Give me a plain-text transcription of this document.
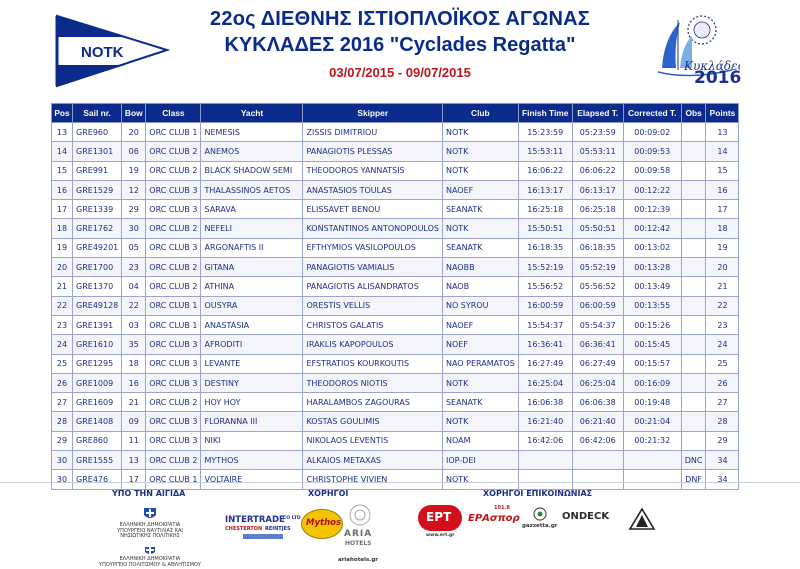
NOTK
22ος ΔΙΕΘΝΗΣ ΙΣΤΙΟΠΛΟΪΚΟΣ ΑΓΩΝΑΣ
ΚΥΚΛΑΔΕΣ 2016 "Cyclades Regatta"
03/07/2015 - 09/07/2015	Κυκλάδες
2016
Pos	Sail nr.	Bow	Class	Yacht	Skipper	Club	Finish Time	Elapsed T.	Corrected T.	Obs	Points
13	GRE960	20	ORC CLUB 1	NEMESIS	ZISSIS DIMITRIOU	NOTK	15:23:59	05:23:59	00:09:02		13
14	GRE1301	06	ORC CLUB 2	ANEMOS	PANAGIOTIS PLESSAS	NOTK	15:53:11	05:53:11	00:09:53		14
15	GRE991	19	ORC CLUB 2	BLACK SHADOW SEMI	THEODOROS YANNATSIS	NOTK	16:06:22	06:06:22	00:09:58		15
16	GRE1529	12	ORC CLUB 3	THALASSINOS AETOS	ANASTASIOS TOULAS	NAOEF	16:13:17	06:13:17	00:12:22		16
17	GRE1339	29	ORC CLUB 3	SARAVA	ELISSAVET BENOU	SEANATK	16:25:18	06:25:18	00:12:39		17
18	GRE1762	30	ORC CLUB 2	NEFELI	KONSTANTINOS ANTONOPOULOS	NOTK	15:50:51	05:50:51	00:12:42		18
19	GRE49201	05	ORC CLUB 3	ARGONAFTIS II	EFTHYMIOS VASILOPOULOS	SEANATK	16:18:35	06:18:35	00:13:02		19
20	GRE1700	23	ORC CLUB 2	GITANA	PANAGIOTIS VAMIALIS	NAOBB	15:52:19	05:52:19	00:13:28		20
21	GRE1370	04	ORC CLUB 2	ATHINA	PANAGIOTIS ALISANDRATOS	NAOB	15:56:52	05:56:52	00:13:49		21
22	GRE49128	22	ORC CLUB 1	OUSYRA	ORESTIS VELLIS	NO SYROU	16:00:59	06:00:59	00:13:55		22
23	GRE1391	03	ORC CLUB 1	ANASTASIA	CHRISTOS GALATIS	NAOEF	15:54:37	05:54:37	00:15:26		23
24	GRE1610	35	ORC CLUB 3	AFRODITI	IRAKLIS KAPOPOULOS	NOEF	16:36:41	06:36:41	00:15:45		24
25	GRE1295	18	ORC CLUB 3	LEVANTE	EFSTRATIOS KOURKOUTIS	NAO PERAMATOS	16:27:49	06:27:49	00:15:57		25
26	GRE1009	16	ORC CLUB 3	DESTINY	THEODOROS NIOTIS	NOTK	16:25:04	06:25:04	00:16:09		26
27	GRE1609	21	ORC CLUB 2	HOY HOY	HARALAMBOS ZAGOURAS	SEANATK	16:06:38	06:06:38	00:19:48		27
28	GRE1408	09	ORC CLUB 3	FLORANNA III	KOSTAS GOULIMIS	NOTK	16:21:40	06:21:40	00:21:04		28
29	GRE860	11	ORC CLUB 3	NIKI	NIKOLAOS LEVENTIS	NOAM	16:42:06	06:42:06	00:21:32		29
30	GRE1555	13	ORC CLUB 2	MYTHOS	ALKAIOS METAXAS	IOP-DEI				DNC	34
30	GRE476	17	ORC CLUB 1	VOLTAIRE	CHRISTOPHE VIVIEN	NOTK				DNF	34
ΥΠΟ ΤΗΝ ΑΙΓΙΔΑ
ΕΛΛΗΝΙΚΗ ΔΗΜΟΚΡΑΤΙΑ
ΥΠΟΥΡΓΕΙΟ ΝΑΥΤΙΛΙΑΣ ΚΑΙ
ΝΗΣΙΩΤΙΚΗΣ ΠΟΛΙΤΙΚΗΣ
ΕΛΛΗΝΙΚΗ ΔΗΜΟΚΡΑΤΙΑ
ΥΠΟΥΡΓΕΙΟ ΠΟΛΙΤΙΣΜΟΥ & ΑΘΛΗΤΙΣΜΟΥ
ΧΟΡΗΓΟΙ
INTERTRADE
CO LTD
CHESTERTON REINTJES
Mythos
ARIA
HOTELS
ariahotels.gr
ΧΟΡΗΓΟΙ ΕΠΙΚΟΙΝΩΝΙΑΣ
ΕΡΤ
www.ert.gr
101.8
ΕΡΑσπορ
gazzetta.gr
ONDECK
